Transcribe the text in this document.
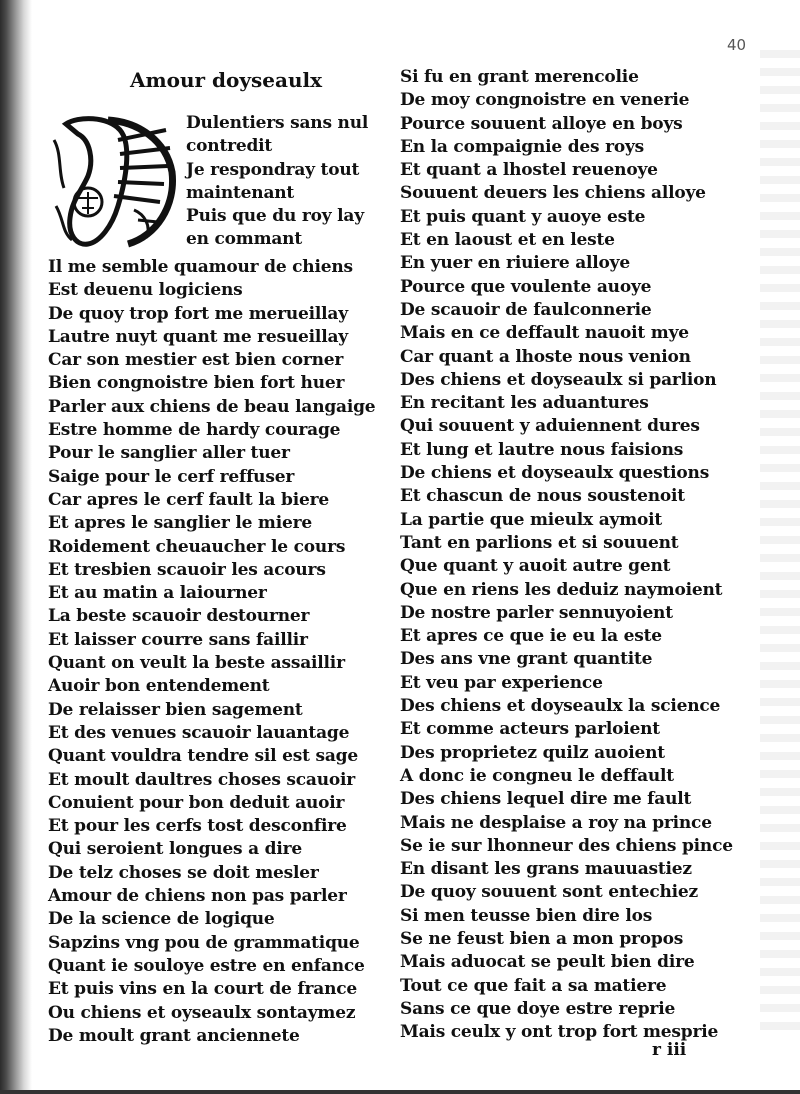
40
Amour doyseaulx
Dulentiers sans nul
contredit
Je respondray tout
maintenant
Puis que du roy lay
en commant
Il me semble quamour de chiens
Est deuenu logiciens
De quoy trop fort me merueillay
Lautre nuyt quant me resueillay
Car son mestier est bien corner
Bien congnoistre bien fort huer
Parler aux chiens de beau langaige
Estre homme de hardy courage
Pour le sanglier aller tuer
Saige pour le cerf reffuser
Car apres le cerf fault la biere
Et apres le sanglier le miere
Roidement cheuaucher le cours
Et tresbien scauoir les acours
Et au matin a laiourner
La beste scauoir destourner
Et laisser courre sans faillir
Quant on veult la beste assaillir
Auoir bon entendement
De relaisser bien sagement
Et des venues scauoir lauantage
Quant vouldra tendre sil est sage
Et moult daultres choses scauoir
Conuient pour bon deduit auoir
Et pour les cerfs tost desconfire
Qui seroient longues a dire
De telz choses se doit mesler
Amour de chiens non pas parler
De la science de logique
Sapzins vng pou de grammatique
Quant ie souloye estre en enfance
Et puis vins en la court de france
Ou chiens et oyseaulx sontaymez
De moult grant anciennete
Si fu en grant merencolie
De moy congnoistre en venerie
Pource souuent alloye en boys
En la compaignie des roys
Et quant a lhostel reuenoye
Souuent deuers les chiens alloye
Et puis quant y auoye este
Et en laoust et en leste
En yuer en riuiere alloye
Pource que voulente auoye
De scauoir de faulconnerie
Mais en ce deffault nauoit mye
Car quant a lhoste nous venion
Des chiens et doyseaulx si parlion
En recitant les aduantures
Qui souuent y aduiennent dures
Et lung et lautre nous faisions
De chiens et doyseaulx questions
Et chascun de nous soustenoit
La partie que mieulx aymoit
Tant en parlions et si souuent
Que quant y auoit autre gent
Que en riens les deduiz naymoient
De nostre parler sennuyoient
Et apres ce que ie eu la este
Des ans vne grant quantite
Et veu par experience
Des chiens et doyseaulx la science
Et comme acteurs parloient
Des proprietez quilz auoient
A donc ie congneu le deffault
Des chiens lequel dire me fault
Mais ne desplaise a roy na prince
Se ie sur lhonneur des chiens pince
En disant les grans mauuastiez
De quoy souuent sont entechiez
Si men teusse bien dire los
Se ne feust bien a mon propos
Mais aduocat se peult bien dire
Tout ce que fait a sa matiere
Sans ce que doye estre reprie
Mais ceulx y ont trop fort mesprie
r iii
